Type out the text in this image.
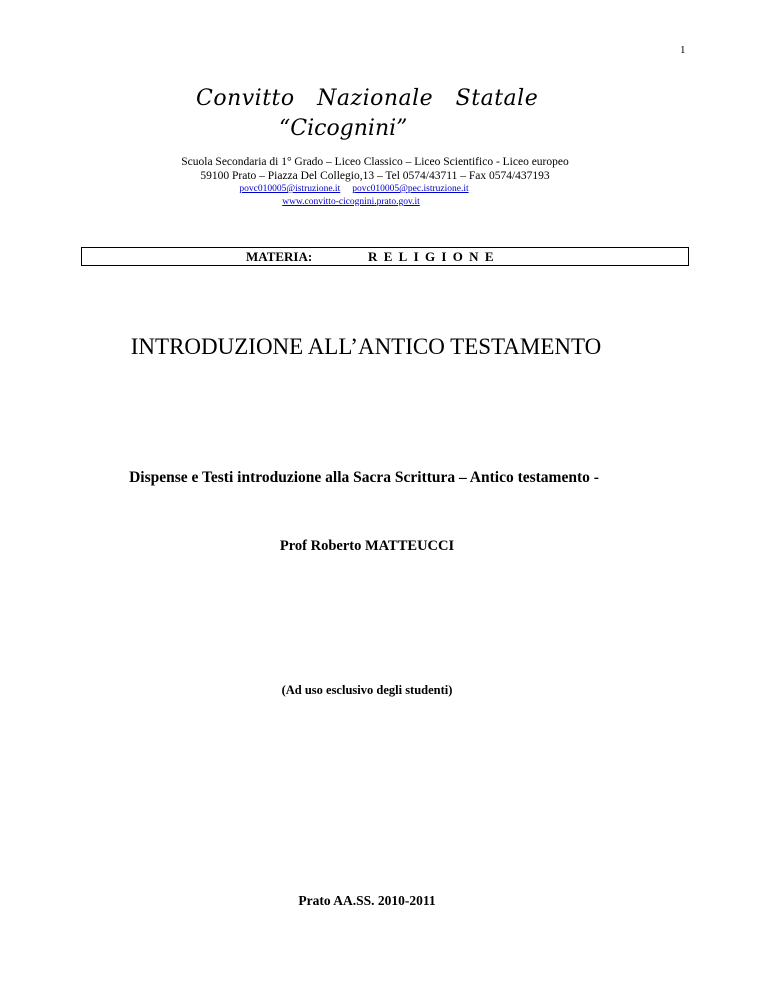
1
Convitto   Nazionale   Statale
“Cicognini”
Scuola Secondaria di 1° Grado – Liceo Classico – Liceo Scientifico - Liceo europeo
59100 Prato – Piazza Del Collegio,13 – Tel 0574/43711 – Fax 0574/437193
povc010005@istruzione.it povc010005@pec.istruzione.it
www.convitto-cicognini.prato.gov.it
MATERIA:	RELIGIONE
INTRODUZIONE ALL’ANTICO TESTAMENTO
Dispense e Testi introduzione alla Sacra Scrittura – Antico testamento -
Prof Roberto MATTEUCCI
(Ad uso esclusivo degli studenti)
Prato AA.SS. 2010-2011
